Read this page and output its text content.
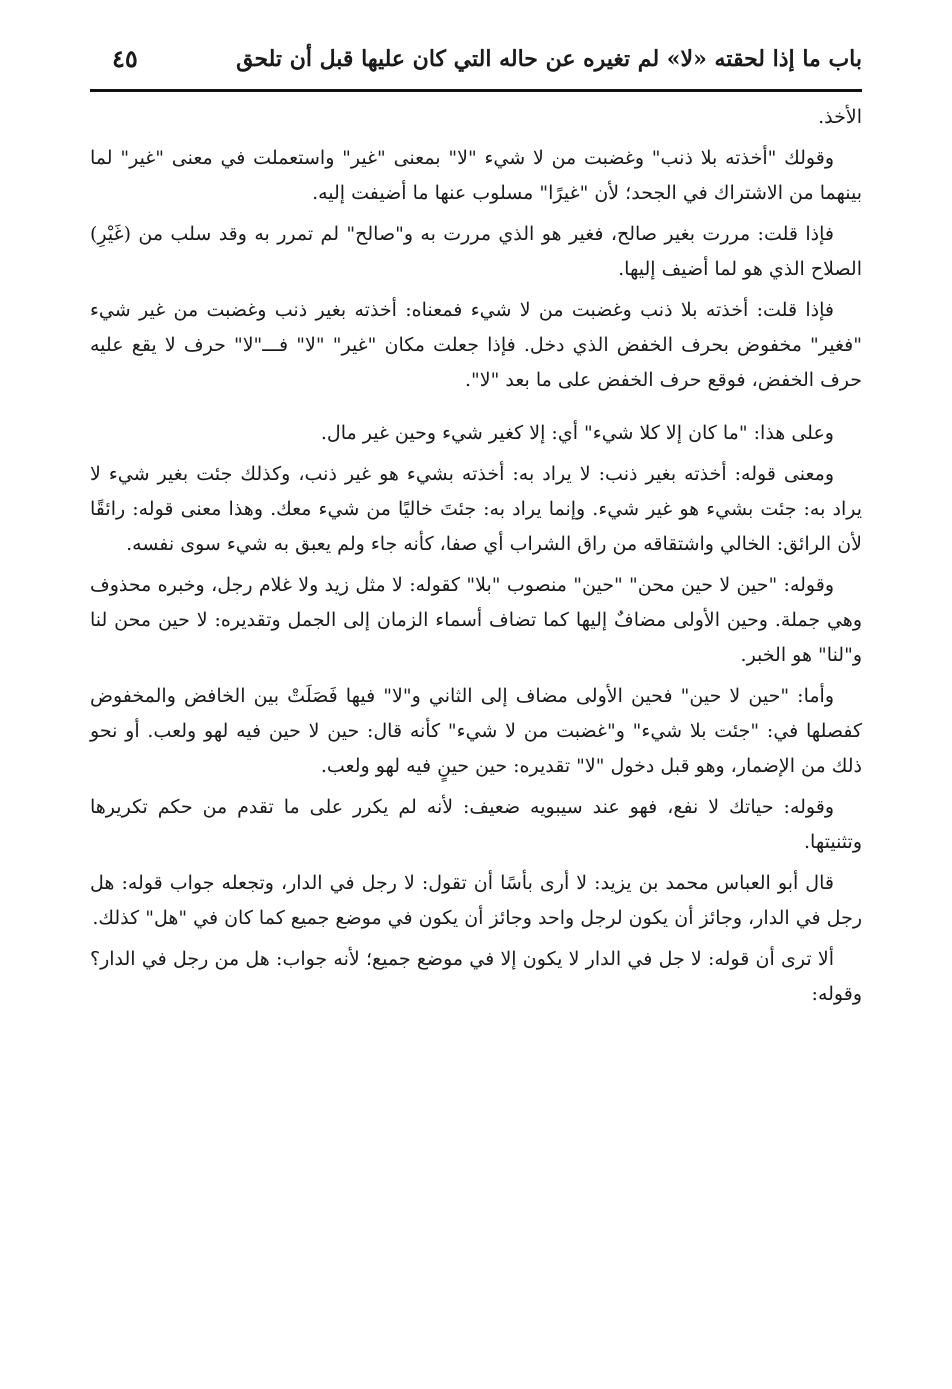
باب ما إذا لحقته «لا» لم تغيره عن حاله التي كان عليها قبل أن تلحق
٤٥

الأخذ.

وقولك "أخذته بلا ذنب" وغضبت من لا شيء "لا" بمعنى "غير" واستعملت في معنى "غير" لما بينهما من الاشتراك في الجحد؛ لأن "غيرًا" مسلوب عنها ما أضيفت إليه.

فإذا قلت: مررت بغير صالح، فغير هو الذي مررت به و"صالح" لم تمرر به وقد سلب من (غَيْرِ) الصلاح الذي هو لما أضيف إليها.

فإذا قلت: أخذته بلا ذنب وغضبت من لا شيء فمعناه: أخذته بغير ذنب وغضبت من غير شيء "فغير" مخفوض بحرف الخفض الذي دخل. فإذا جعلت مكان "غير" "لا" فـــ"لا" حرف لا يقع عليه حرف الخفض، فوقع حرف الخفض على ما بعد "لا".

وعلى هذا: "ما كان إلا كلا شيء" أي: إلا كغير شيء وحين غير مال.

ومعنى قوله: أخذته بغير ذنب: لا يراد به: أخذته بشيء هو غير ذنب، وكذلك جئت بغير شيء لا يراد به: جئت بشيء هو غير شيء. وإنما يراد به: جئتَ خاليًا من شيء معك. وهذا معنى قوله: رائقًا لأن الرائق: الخالي واشتقاقه من راق الشراب أي صفا، كأنه جاء ولم يعبق به شيء سوى نفسه.

وقوله: "حين لا حين محن" "حين" منصوب "بلا" كقوله: لا مثل زيد ولا غلام رجل، وخبره محذوف وهي جملة. وحين الأولى مضافٌ إليها كما تضاف أسماء الزمان إلى الجمل وتقديره: لا حين محن لنا و"لنا" هو الخبر.

وأما: "حين لا حين" فحين الأولى مضاف إلى الثاني و"لا" فيها فَصَلَتْ بين الخافض والمخفوض كفصلها في: "جئت بلا شيء" و"غضبت من لا شيء" كأنه قال: حين لا حين فيه لهو ولعب. أو نحو ذلك من الإضمار، وهو قبل دخول "لا" تقديره: حين حينٍ فيه لهو ولعب.

وقوله: حياتك لا نفع، فهو عند سيبويه ضعيف: لأنه لم يكرر على ما تقدم من حكم تكريرها وتثنيتها.

قال أبو العباس محمد بن يزيد: لا أرى بأسًا أن تقول: لا رجل في الدار، وتجعله جواب قوله: هل رجل في الدار، وجائز أن يكون لرجل واحد وجائز أن يكون في موضع جميع كما كان في "هل" كذلك.

ألا ترى أن قوله: لا جل في الدار لا يكون إلا في موضع جميع؛ لأنه جواب: هل من رجل في الدار؟ وقوله:
